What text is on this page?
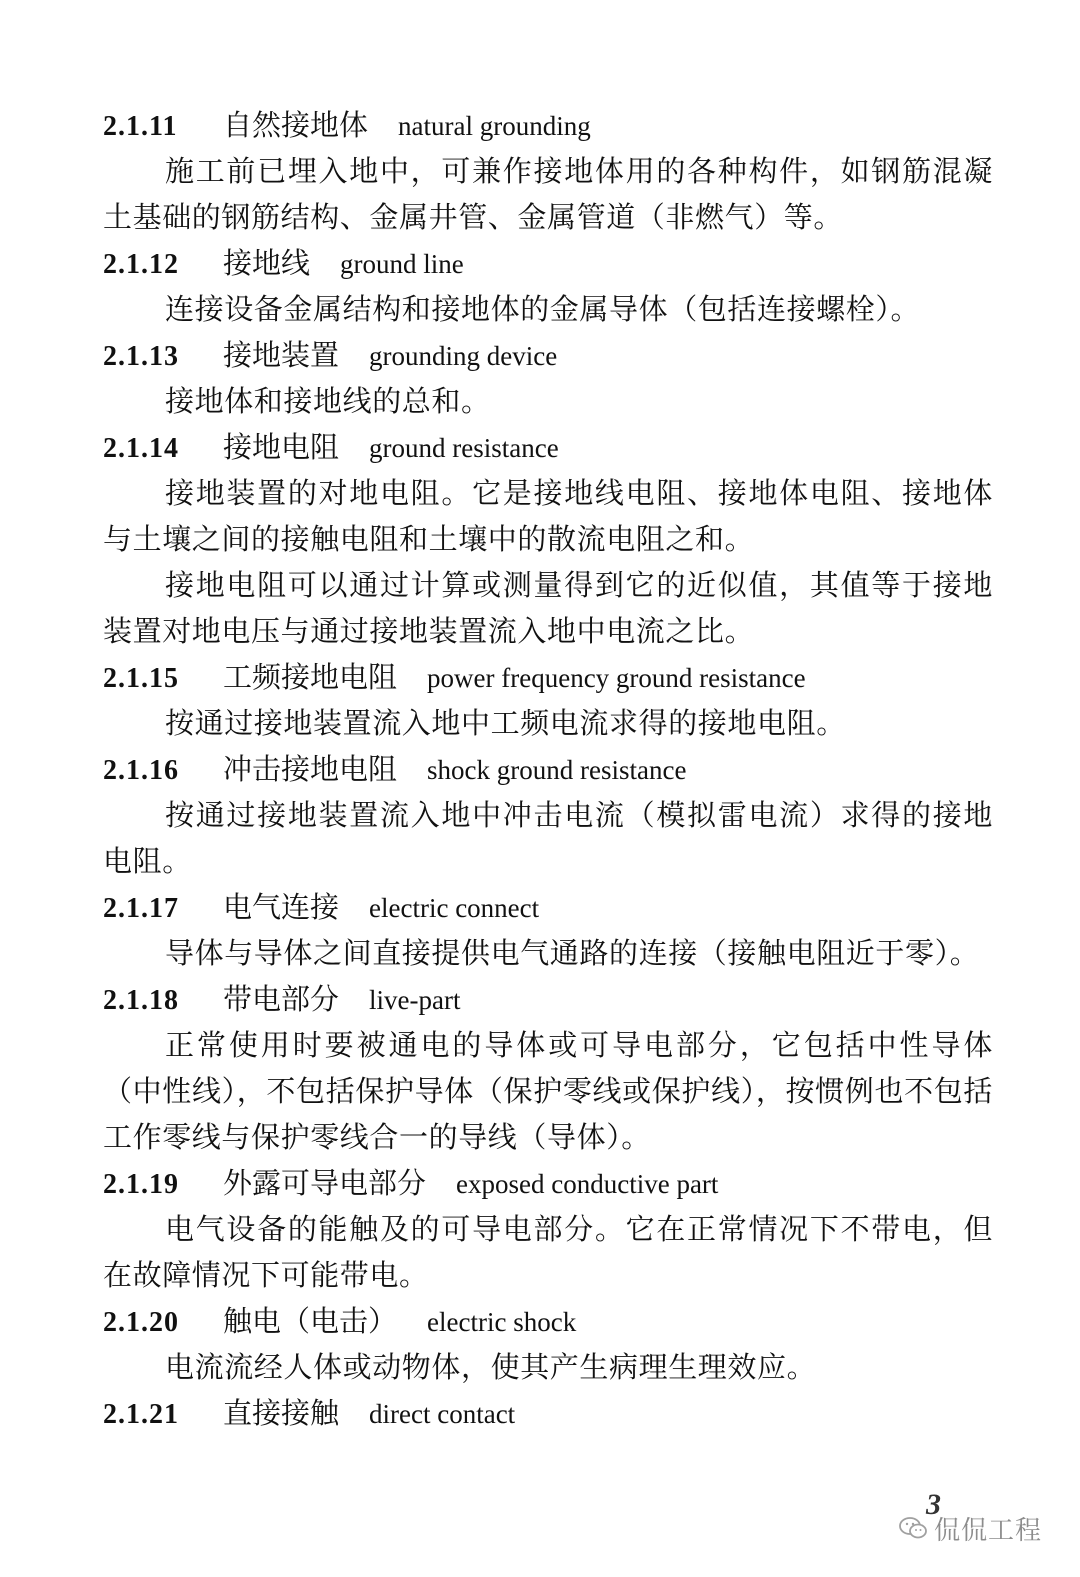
2.1.11 自然接地体 natural grounding

施工前已埋入地中，可兼作接地体用的各种构件，如钢筋混凝土基础的钢筋结构、金属井管、金属管道（非燃气）等。

2.1.12 接地线 ground line

连接设备金属结构和接地体的金属导体（包括连接螺栓）。

2.1.13 接地装置 grounding device

接地体和接地线的总和。

2.1.14 接地电阻 ground resistance

接地装置的对地电阻。它是接地线电阻、接地体电阻、接地体与土壤之间的接触电阻和土壤中的散流电阻之和。

接地电阻可以通过计算或测量得到它的近似值，其值等于接地装置对地电压与通过接地装置流入地中电流之比。

2.1.15 工频接地电阻 power frequency ground resistance

按通过接地装置流入地中工频电流求得的接地电阻。

2.1.16 冲击接地电阻 shock ground resistance

按通过接地装置流入地中冲击电流（模拟雷电流）求得的接地电阻。

2.1.17 电气连接 electric connect

导体与导体之间直接提供电气通路的连接（接触电阻近于零）。

2.1.18 带电部分 live-part

正常使用时要被通电的导体或可导电部分，它包括中性导体（中性线），不包括保护导体（保护零线或保护线），按惯例也不包括工作零线与保护零线合一的导线（导体）。

2.1.19 外露可导电部分 exposed conductive part

电气设备的能触及的可导电部分。它在正常情况下不带电，但在故障情况下可能带电。

2.1.20 触电（电击） electric shock

电流流经人体或动物体，使其产生病理生理效应。

2.1.21 直接接触 direct contact
3
侃侃工程
